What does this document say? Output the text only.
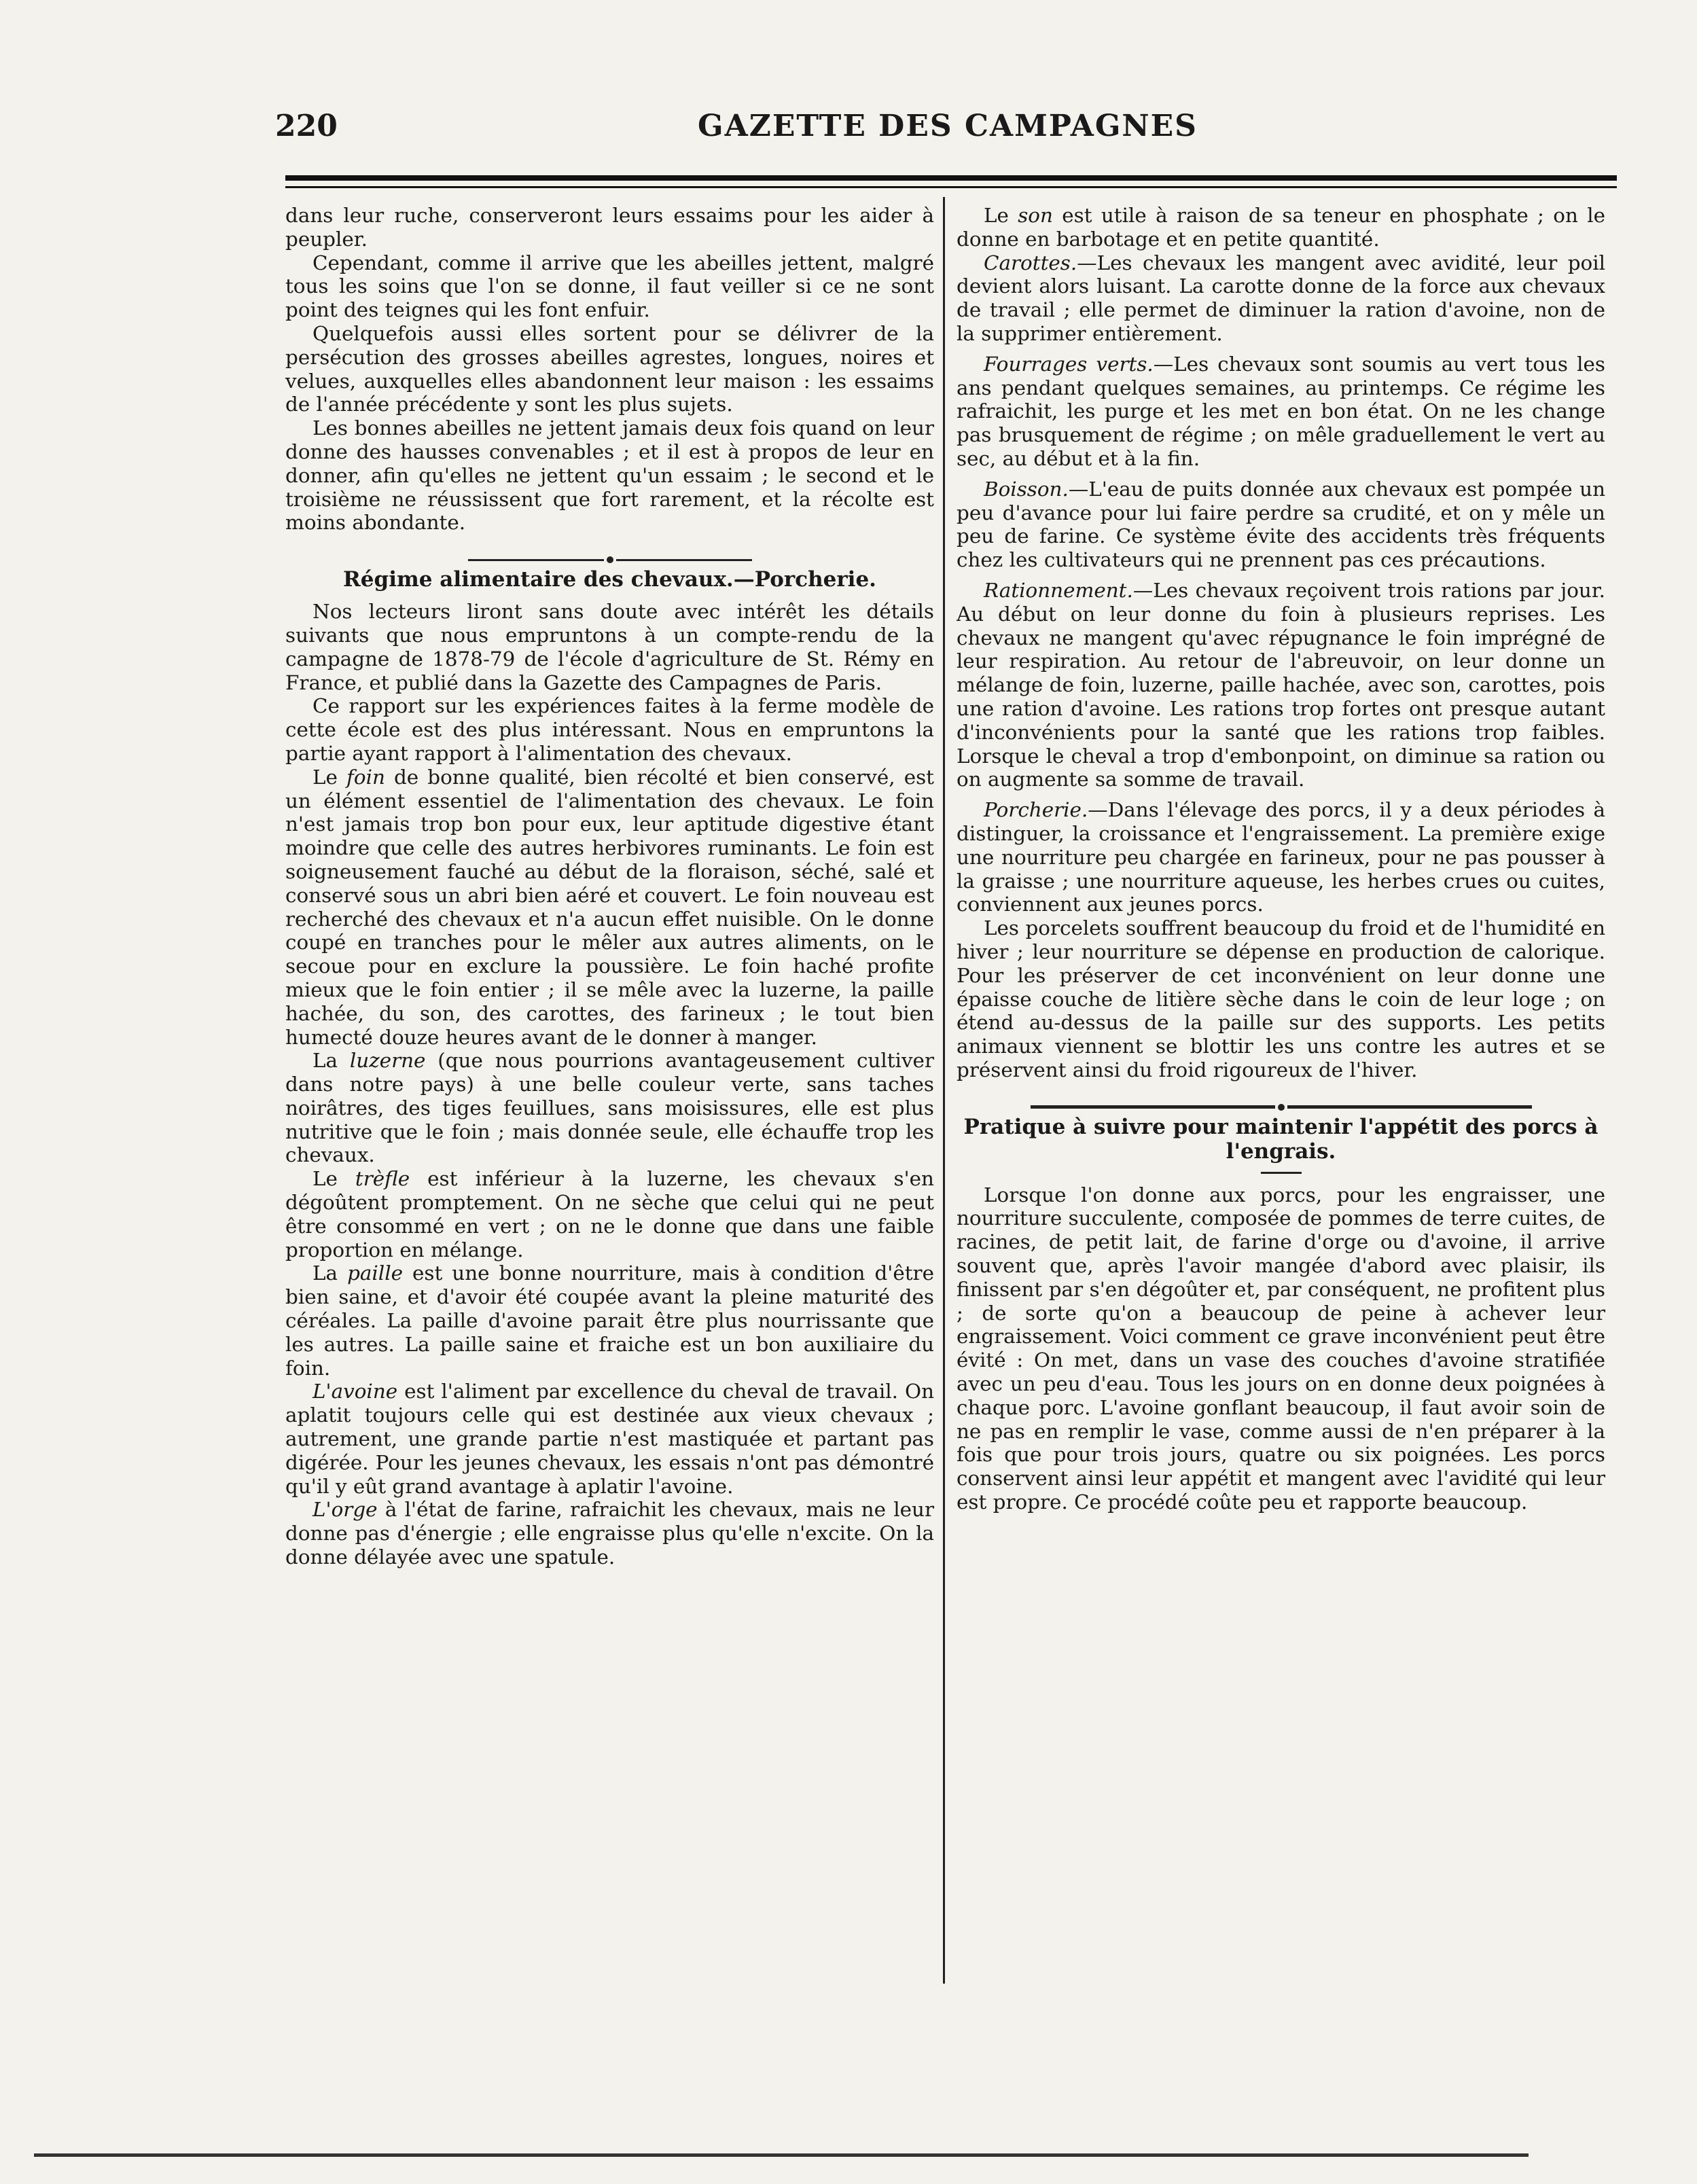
220	GAZETTE DES CAMPAGNES

dans leur ruche, conserveront leurs essaims pour les aider à peupler.

Cependant, comme il arrive que les abeilles jettent, malgré tous les soins que l'on se donne, il faut veiller si ce ne sont point des teignes qui les font enfuir.

Quelquefois aussi elles sortent pour se délivrer de la persécution des grosses abeilles agrestes, longues, noires et velues, auxquelles elles abandonnent leur maison : les essaims de l'année précédente y sont les plus sujets.

Les bonnes abeilles ne jettent jamais deux fois quand on leur donne des hausses convenables ; et il est à propos de leur en donner, afin qu'elles ne jettent qu'un essaim ; le second et le troisième ne réussissent que fort rarement, et la récolte est moins abondante.

Régime alimentaire des chevaux.—Porcherie.

Nos lecteurs liront sans doute avec intérêt les détails suivants que nous empruntons à un compte-rendu de la campagne de 1878-79 de l'école d'agriculture de St. Rémy en France, et publié dans la Gazette des Campagnes de Paris.

Ce rapport sur les expériences faites à la ferme modèle de cette école est des plus intéressant. Nous en empruntons la partie ayant rapport à l'alimentation des chevaux.

Le foin de bonne qualité, bien récolté et bien conservé, est un élément essentiel de l'alimentation des chevaux. Le foin n'est jamais trop bon pour eux, leur aptitude digestive étant moindre que celle des autres herbivores ruminants. Le foin est soigneusement fauché au début de la floraison, séché, salé et conservé sous un abri bien aéré et couvert. Le foin nouveau est recherché des chevaux et n'a aucun effet nuisible. On le donne coupé en tranches pour le mêler aux autres aliments, on le secoue pour en exclure la poussière. Le foin haché profite mieux que le foin entier ; il se mêle avec la luzerne, la paille hachée, du son, des carottes, des farineux ; le tout bien humecté douze heures avant de le donner à manger.

La luzerne (que nous pourrions avantageusement cultiver dans notre pays) à une belle couleur verte, sans taches noirâtres, des tiges feuillues, sans moisissures, elle est plus nutritive que le foin ; mais donnée seule, elle échauffe trop les chevaux.

Le trèfle est inférieur à la luzerne, les chevaux s'en dégoûtent promptement. On ne sèche que celui qui ne peut être consommé en vert ; on ne le donne que dans une faible proportion en mélange.

La paille est une bonne nourriture, mais à condition d'être bien saine, et d'avoir été coupée avant la pleine maturité des céréales. La paille d'avoine parait être plus nourrissante que les autres. La paille saine et fraiche est un bon auxiliaire du foin.

L'avoine est l'aliment par excellence du cheval de travail. On aplatit toujours celle qui est destinée aux vieux chevaux ; autrement, une grande partie n'est mastiquée et partant pas digérée. Pour les jeunes chevaux, les essais n'ont pas démontré qu'il y eût grand avantage à aplatir l'avoine.

L'orge à l'état de farine, rafraichit les chevaux, mais ne leur donne pas d'énergie ; elle engraisse plus qu'elle n'excite. On la donne délayée avec une spatule.

Le son est utile à raison de sa teneur en phosphate ; on le donne en barbotage et en petite quantité.

Carottes.—Les chevaux les mangent avec avidité, leur poil devient alors luisant. La carotte donne de la force aux chevaux de travail ; elle permet de diminuer la ration d'avoine, non de la supprimer entièrement.

Fourrages verts.—Les chevaux sont soumis au vert tous les ans pendant quelques semaines, au printemps. Ce régime les rafraichit, les purge et les met en bon état. On ne les change pas brusquement de régime ; on mêle graduellement le vert au sec, au début et à la fin.

Boisson.—L'eau de puits donnée aux chevaux est pompée un peu d'avance pour lui faire perdre sa crudité, et on y mêle un peu de farine. Ce système évite des accidents très fréquents chez les cultivateurs qui ne prennent pas ces précautions.

Rationnement.—Les chevaux reçoivent trois rations par jour. Au début on leur donne du foin à plusieurs reprises. Les chevaux ne mangent qu'avec répugnance le foin imprégné de leur respiration. Au retour de l'abreuvoir, on leur donne un mélange de foin, luzerne, paille hachée, avec son, carottes, pois une ration d'avoine. Les rations trop fortes ont presque autant d'inconvénients pour la santé que les rations trop faibles. Lorsque le cheval a trop d'embonpoint, on diminue sa ration ou on augmente sa somme de travail.

Porcherie.—Dans l'élevage des porcs, il y a deux périodes à distinguer, la croissance et l'engraissement. La première exige une nourriture peu chargée en farineux, pour ne pas pousser à la graisse ; une nourriture aqueuse, les herbes crues ou cuites, conviennent aux jeunes porcs.

Les porcelets souffrent beaucoup du froid et de l'humidité en hiver ; leur nourriture se dépense en production de calorique. Pour les préserver de cet inconvénient on leur donne une épaisse couche de litière sèche dans le coin de leur loge ; on étend au-dessus de la paille sur des supports. Les petits animaux viennent se blottir les uns contre les autres et se préservent ainsi du froid rigoureux de l'hiver.

Pratique à suivre pour maintenir l'appétit des porcs à l'engrais.

Lorsque l'on donne aux porcs, pour les engraisser, une nourriture succulente, composée de pommes de terre cuites, de racines, de petit lait, de farine d'orge ou d'avoine, il arrive souvent que, après l'avoir mangée d'abord avec plaisir, ils finissent par s'en dégoûter et, par conséquent, ne profitent plus ; de sorte qu'on a beaucoup de peine à achever leur engraissement. Voici comment ce grave inconvénient peut être évité : On met, dans un vase des couches d'avoine stratifiée avec un peu d'eau. Tous les jours on en donne deux poignées à chaque porc. L'avoine gonflant beaucoup, il faut avoir soin de ne pas en remplir le vase, comme aussi de n'en préparer à la fois que pour trois jours, quatre ou six poignées. Les porcs conservent ainsi leur appétit et mangent avec l'avidité qui leur est propre. Ce procédé coûte peu et rapporte beaucoup.
